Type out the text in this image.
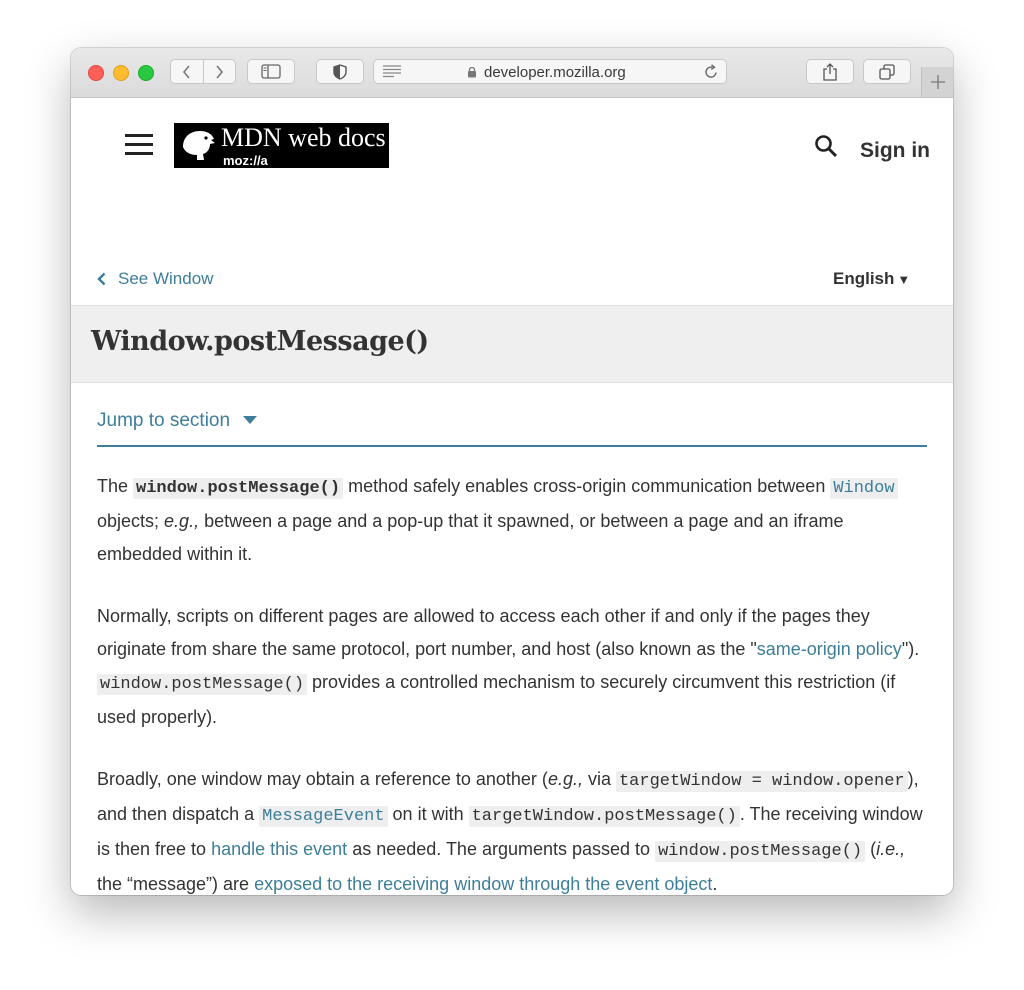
developer.mozilla.org
MDN web docs
moz://a	Sign in
See Window	English ▼
Window.postMessage()
Jump to section

The window.postMessage() method safely enables cross-origin communication between Window objects; e.g., between a page and a pop-up that it spawned, or between a page and an iframe embedded within it.

Normally, scripts on different pages are allowed to access each other if and only if the pages they originate from share the same protocol, port number, and host (also known as the "same-origin policy"). window.postMessage() provides a controlled mechanism to securely circumvent this restriction (if used properly).

Broadly, one window may obtain a reference to another (e.g., via targetWindow = window.opener ), and then dispatch a MessageEvent on it with targetWindow.postMessage() . The receiving window is then free to handle this event as needed. The arguments passed to window.postMessage() (i.e., the “message”) are exposed to the receiving window through the event object.
